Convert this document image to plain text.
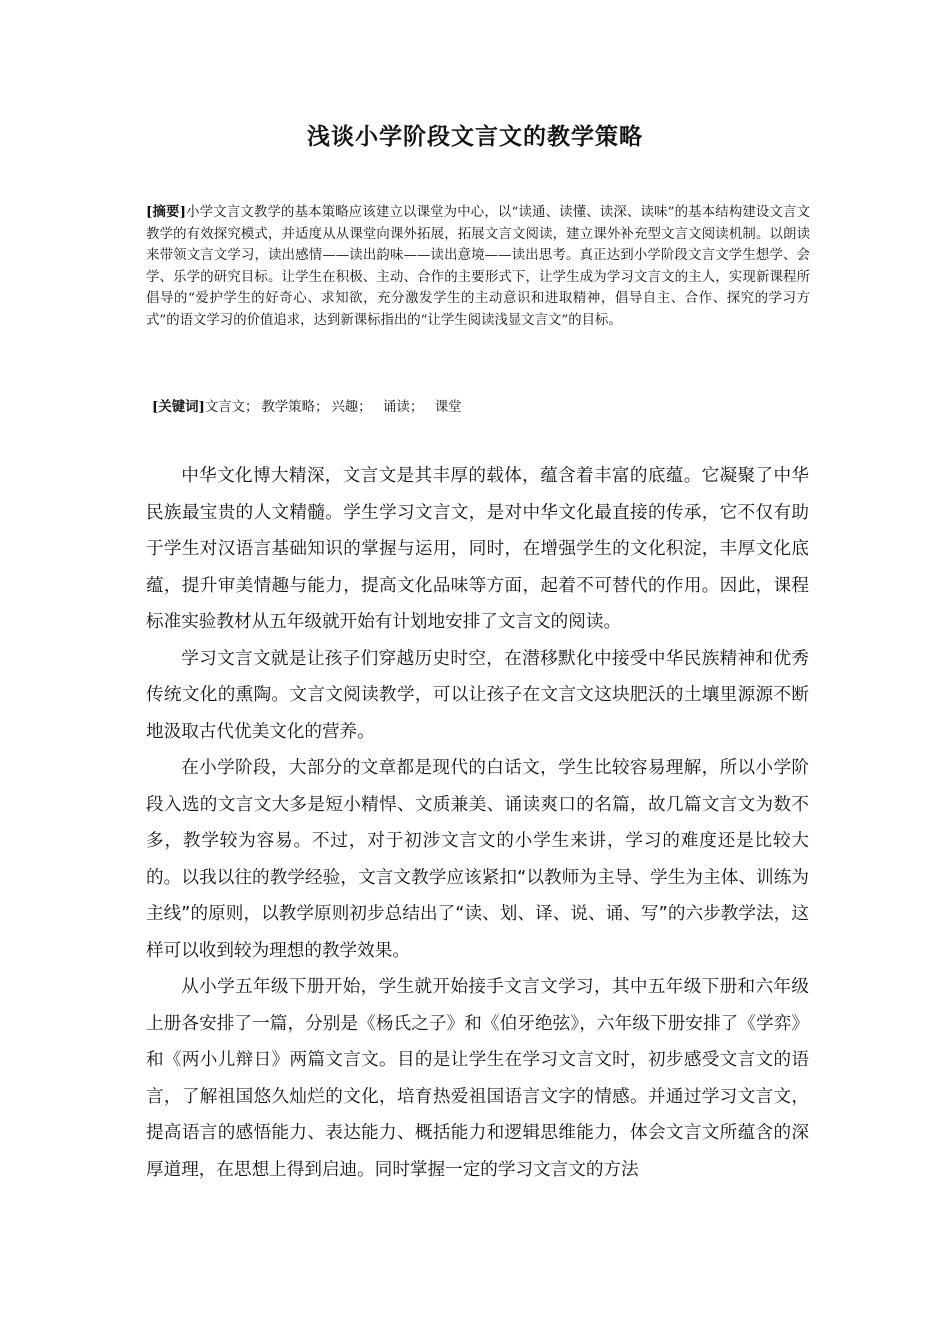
浅谈小学阶段文言文的教学策略

[摘要]小学文言文教学的基本策略应该建立以课堂为中心，以“读通、读懂、读深、读味”的基本结构建设文言文教学的有效探究模式，并适度从从课堂向课外拓展，拓展文言文阅读，建立课外补充型文言文阅读机制。以朗读来带领文言文学习，读出感情——读出韵味——读出意境——读出思考。真正达到小学阶段文言文学生想学、会学、乐学的研究目标。让学生在积极、主动、合作的主要形式下，让学生成为学习文言文的主人，实现新课程所倡导的“爱护学生的好奇心、求知欲，充分激发学生的主动意识和进取精神，倡导自主、合作、探究的学习方式”的语文学习的价值追求，达到新课标指出的“让学生阅读浅显文言文”的目标。

[关键词]文言文； 教学策略； 兴趣； 诵读； 课堂

中华文化博大精深，文言文是其丰厚的载体，蕴含着丰富的底蕴。它凝聚了中华民族最宝贵的人文精髓。学生学习文言文，是对中华文化最直接的传承，它不仅有助于学生对汉语言基础知识的掌握与运用，同时，在增强学生的文化积淀，丰厚文化底蕴，提升审美情趣与能力，提高文化品味等方面，起着不可替代的作用。因此，课程标准实验教材从五年级就开始有计划地安排了文言文的阅读。

学习文言文就是让孩子们穿越历史时空，在潜移默化中接受中华民族精神和优秀传统文化的熏陶。文言文阅读教学，可以让孩子在文言文这块肥沃的土壤里源源不断地汲取古代优美文化的营养。

在小学阶段，大部分的文章都是现代的白话文，学生比较容易理解，所以小学阶段入选的文言文大多是短小精悍、文质兼美、诵读爽口的名篇，故几篇文言文为数不多，教学较为容易。不过，对于初涉文言文的小学生来讲，学习的难度还是比较大的。以我以往的教学经验，文言文教学应该紧扣“以教师为主导、学生为主体、训练为主线”的原则，以教学原则初步总结出了“读、划、译、说、诵、写”的六步教学法，这样可以收到较为理想的教学效果。

从小学五年级下册开始，学生就开始接手文言文学习，其中五年级下册和六年级上册各安排了一篇，分别是《杨氏之子》和《伯牙绝弦》，六年级下册安排了《学弈》和《两小儿辩日》两篇文言文。目的是让学生在学习文言文时，初步感受文言文的语言，了解祖国悠久灿烂的文化，培育热爱祖国语言文字的情感。并通过学习文言文，提高语言的感悟能力、表达能力、概括能力和逻辑思维能力，体会文言文所蕴含的深厚道理，在思想上得到启迪。同时掌握一定的学习文言文的方法
